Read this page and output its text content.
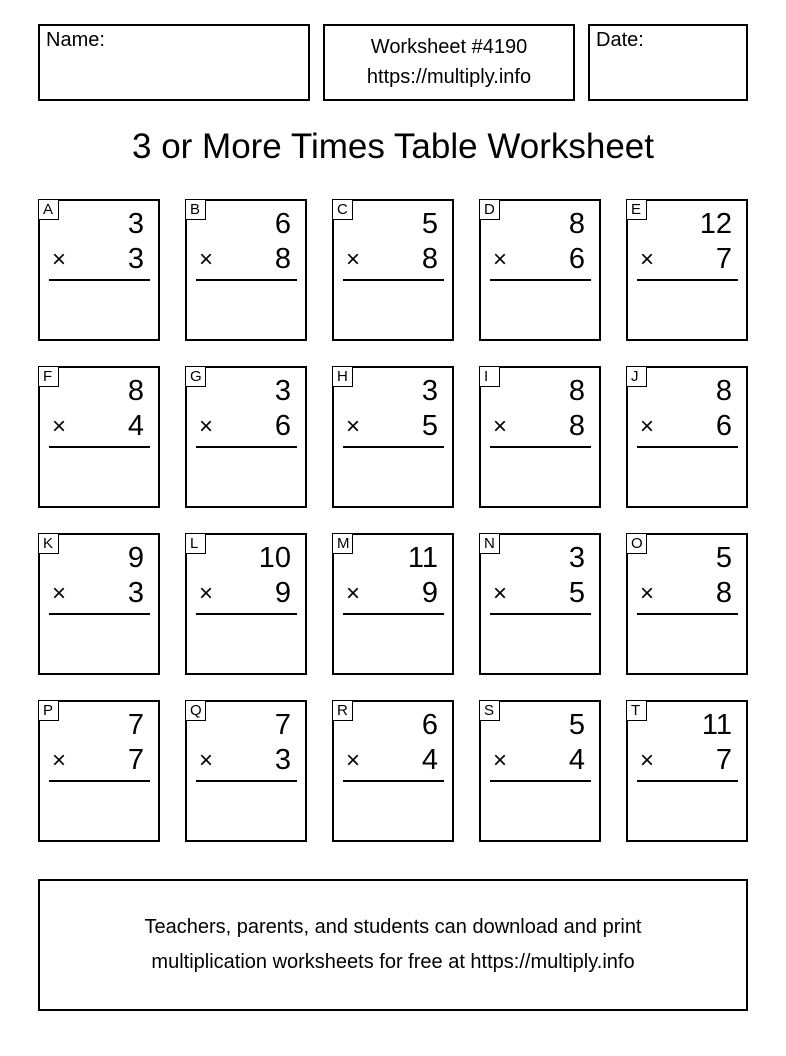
Name:	Worksheet #4190
https://multiply.info
Date:
3 or More Times Table Worksheet
A	3
× 3
B	6
× 8
C	5
× 8
D	8
× 6
E 12
× 7
F	8
× 4
G	3
× 6
H	3
× 5
I	8
× 8
J	8
× 6
K	9
× 3
L 10
× 9
M 11
× 9
N	3
× 5
O	5
× 8
P	7
× 7
Q	7
× 3
R	6
× 4
S	5
× 4
T 11
× 7
Teachers, parents, and students can download and print
multiplication worksheets for free at https://multiply.info
